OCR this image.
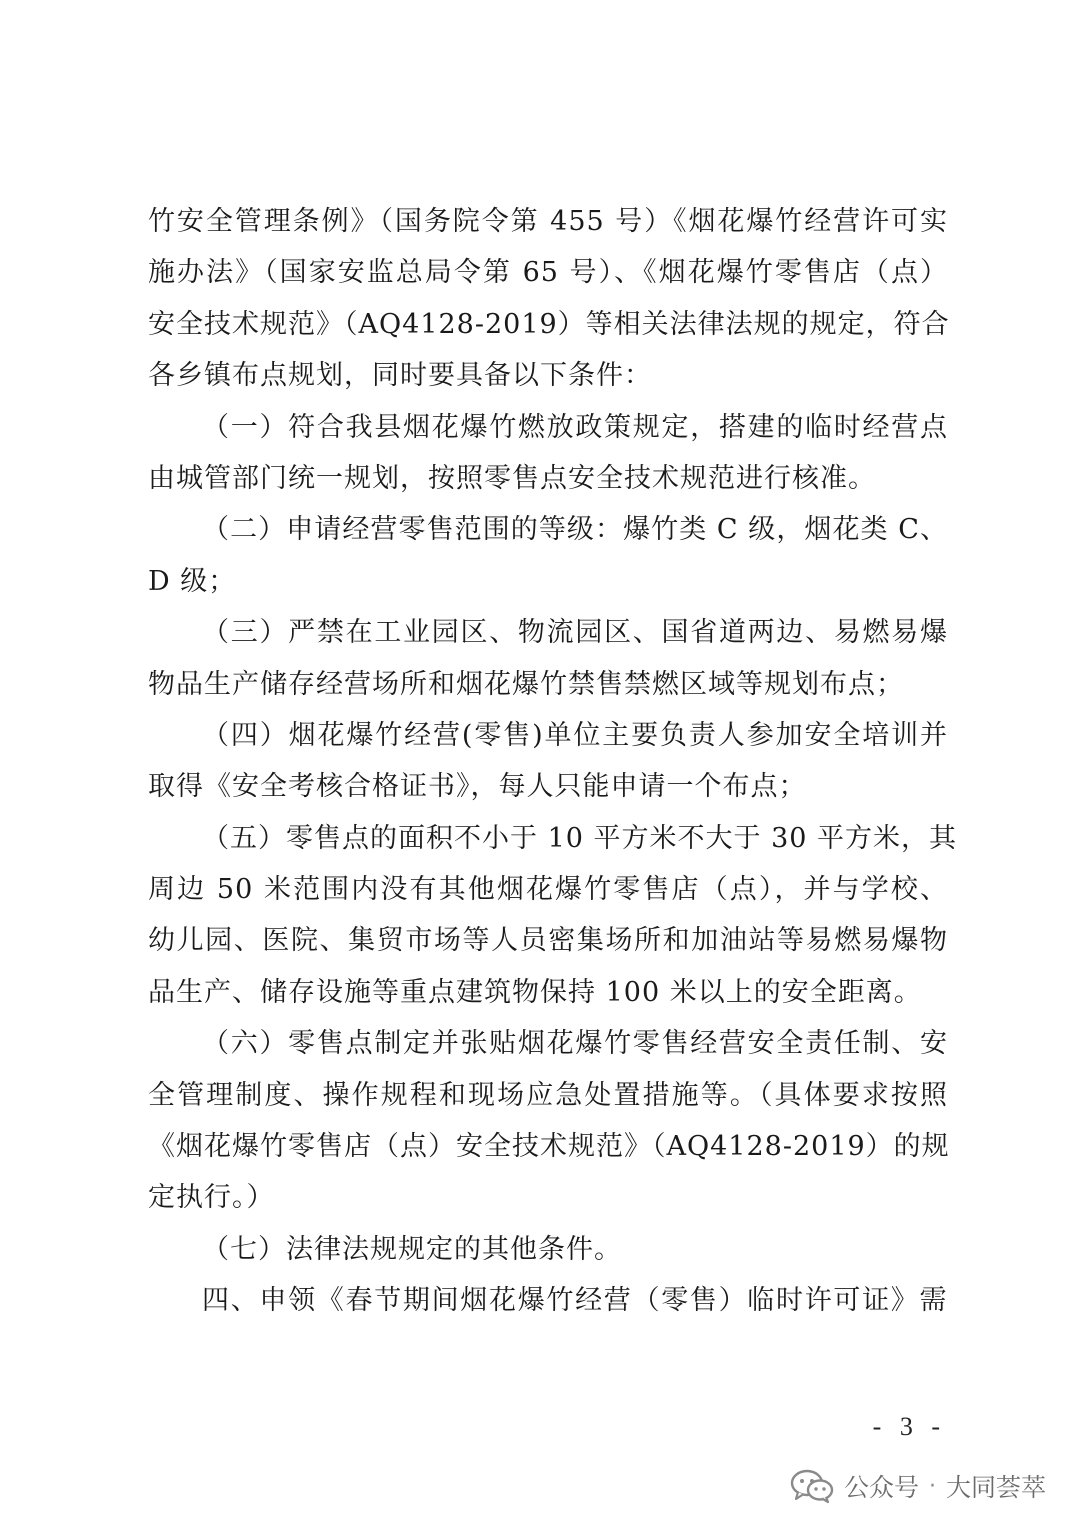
竹安全管理条例》（国务院令第 455 号）《烟花爆竹经营许可实
施办法》（国家安监总局令第 65 号）、《烟花爆竹零售店（点）
安全技术规范》（AQ4128-2019）等相关法律法规的规定，符合
各乡镇布点规划，同时要具备以下条件：
（一）符合我县烟花爆竹燃放政策规定，搭建的临时经营点
由城管部门统一规划，按照零售点安全技术规范进行核准。
（二）申请经营零售范围的等级：爆竹类 C 级，烟花类 C、
D 级；
（三）严禁在工业园区、物流园区、国省道两边、易燃易爆
物品生产储存经营场所和烟花爆竹禁售禁燃区域等规划布点；
（四）烟花爆竹经营(零售)单位主要负责人参加安全培训并
取得《安全考核合格证书》，每人只能申请一个布点；
（五）零售点的面积不小于 10 平方米不大于 30 平方米，其
周边 50 米范围内没有其他烟花爆竹零售店（点），并与学校、
幼儿园、医院、集贸市场等人员密集场所和加油站等易燃易爆物
品生产、储存设施等重点建筑物保持 100 米以上的安全距离。
（六）零售点制定并张贴烟花爆竹零售经营安全责任制、安
全管理制度、操作规程和现场应急处置措施等。（具体要求按照
《烟花爆竹零售店（点）安全技术规范》（AQ4128-2019）的规
定执行。）
（七）法律法规规定的其他条件。
四、申领《春节期间烟花爆竹经营（零售）临时许可证》需
- 3 -
公众号 · 大同荟萃
